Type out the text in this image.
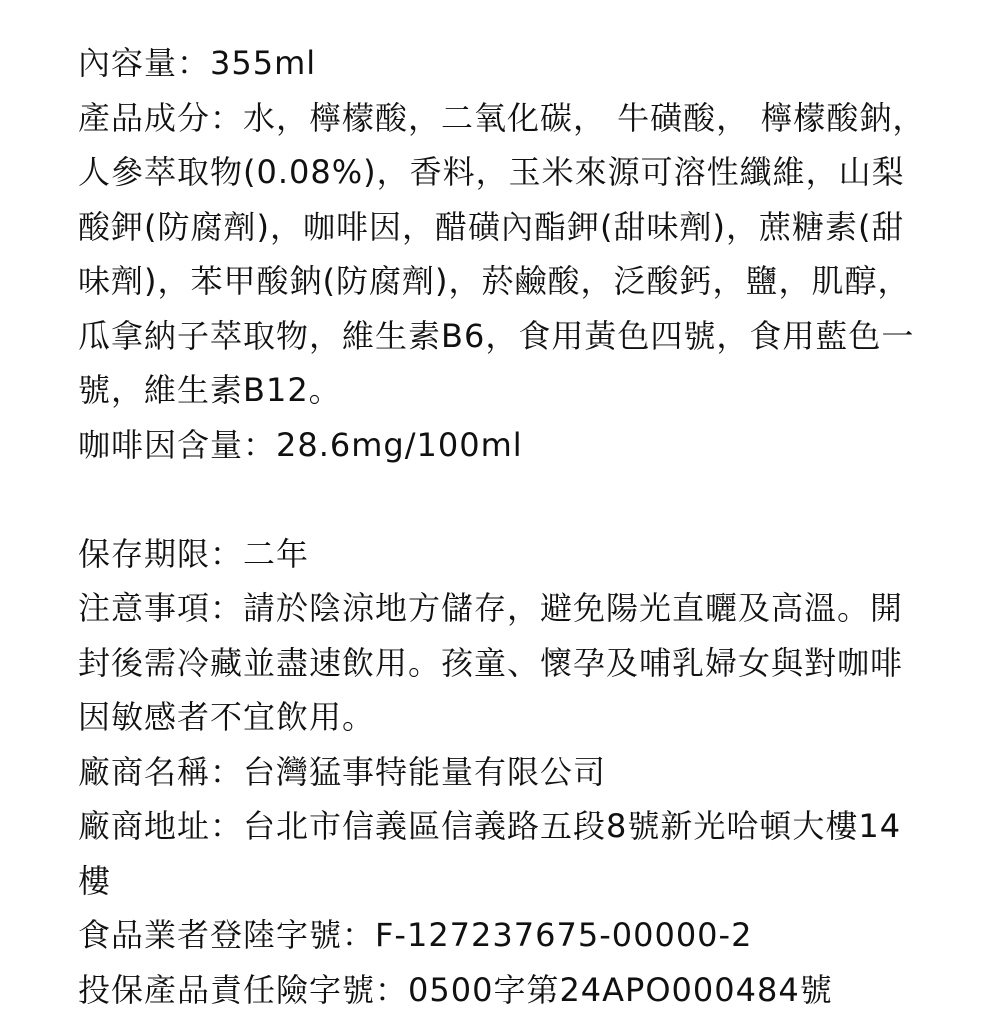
內容量：355ml

產品成分：水，檸檬酸，二氧化碳， 牛磺酸， 檸檬酸鈉， 人參萃取物(0.08%)，香料，玉米來源可溶性纖維，山梨酸鉀(防腐劑)，咖啡因，醋磺內酯鉀(甜味劑)，蔗糖素(甜味劑)，苯甲酸鈉(防腐劑)，菸鹼酸，泛酸鈣，鹽，肌醇，瓜拿納子萃取物，維生素B6，食用黃色四號，食用藍色一號，維生素B12。

咖啡因含量：28.6mg/100ml

保存期限：二年

注意事項：請於陰涼地方儲存，避免陽光直曬及高溫。開封後需冷藏並盡速飲用。孩童、懷孕及哺乳婦女與對咖啡因敏感者不宜飲用。

廠商名稱：台灣猛事特能量有限公司

廠商地址：台北市信義區信義路五段8號新光哈頓大樓14樓

食品業者登陸字號：F-127237675-00000-2

投保產品責任險字號：0500字第24APO000484號
